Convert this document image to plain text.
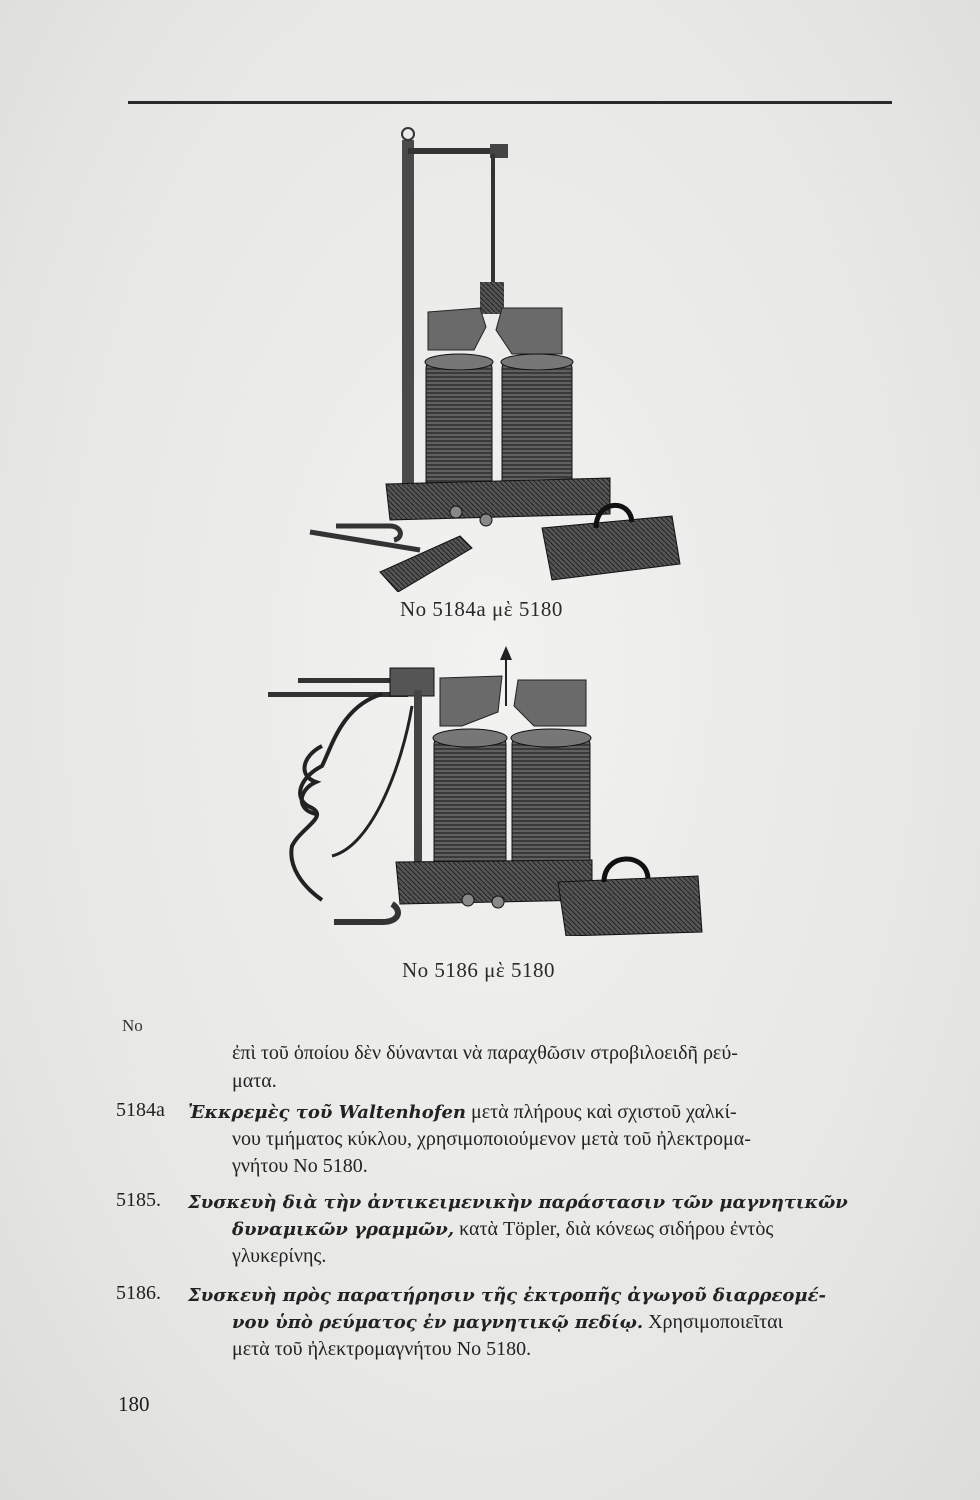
No 5184a μὲ 5180
No 5186 μὲ 5180
No
ἐπὶ τοῦ ὁποίου δὲν δύνανται νὰ παραχθῶσιν στροβιλοειδῆ ρεύ-
ματα.
5184a Ἐκκρεμὲς τοῦ Waltenhofen μετὰ πλήρους καὶ σχιστοῦ χαλκί-
νου τμήματος κύκλου, χρησιμοποιούμενον μετὰ τοῦ ἠλεκτρομα-
γνήτου No 5180.
5185. Συσκευὴ διὰ τὴν ἀντικειμενικὴν παράστασιν τῶν μαγνητικῶν
δυναμικῶν γραμμῶν, κατὰ Töpler, διὰ κόνεως σιδήρου ἐντὸς
γλυκερίνης.
5186. Συσκευὴ πρὸς παρατήρησιν τῆς ἐκτροπῆς ἀγωγοῦ διαρρεομέ-
νου ὑπὸ ρεύματος ἐν μαγνητικῷ πεδίῳ. Χρησιμοποιεῖται
μετὰ τοῦ ἠλεκτρομαγνήτου No 5180.
180
